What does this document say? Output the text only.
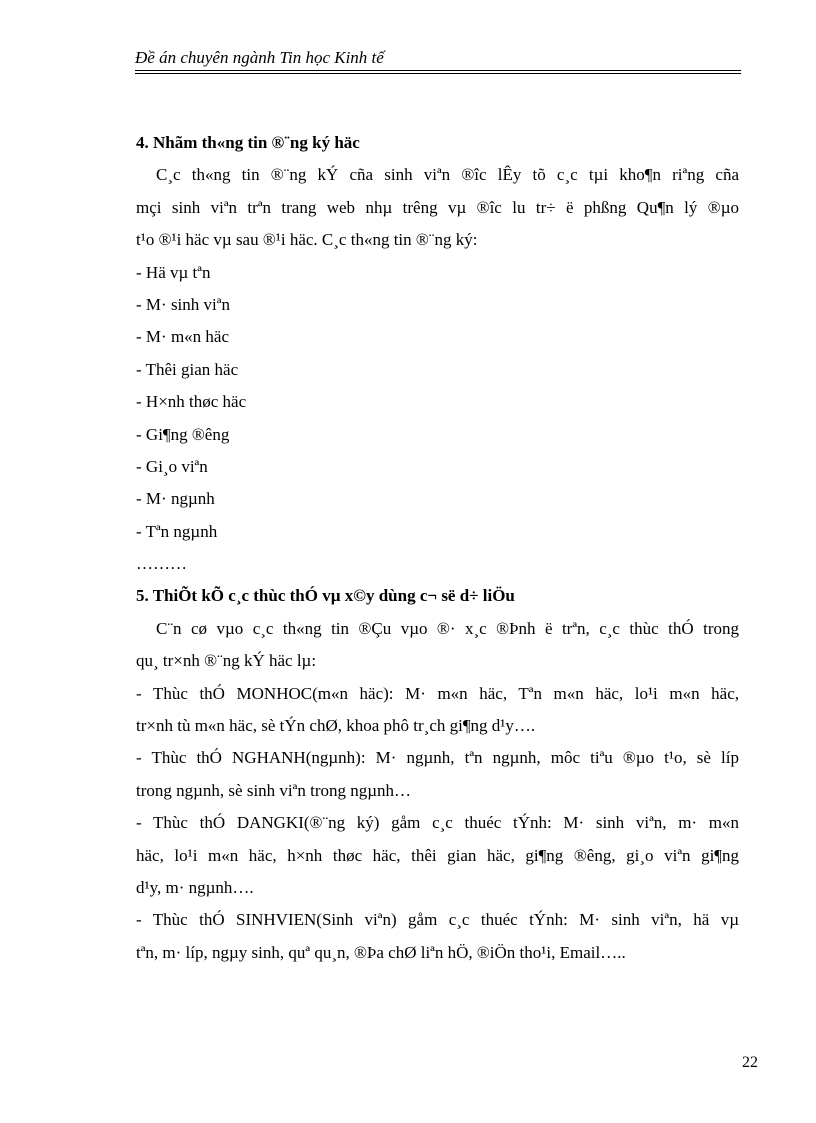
Đề án chuyên ngành Tin học Kinh tế
4. Nhãm th«ng tin ®¨ng ký häc
C¸c th«ng tin ®¨ng kÝ cña sinh viªn ®îc lÊy tõ c¸c tµi kho¶n riªng cña
mçi sinh viªn trªn trang web nhµ trêng vµ ®îc lu tr÷ ë phßng Qu¶n lý ®µo
t¹o ®¹i häc vµ sau ®¹i häc. C¸c th«ng tin ®¨ng ký:
- Hä vµ tªn
- M· sinh viªn
- M· m«n häc
- Thêi gian häc
- H×nh thøc häc
- Gi¶ng ®êng
- Gi¸o viªn
- M· ngµnh
- Tªn ngµnh
………
5. ThiÕt kÕ c¸c thùc thÓ vµ x©y dùng c¬ së d÷ liÖu
C¨n cø vµo c¸c th«ng tin ®Çu vµo ®· x¸c ®Þnh ë trªn, c¸c thùc thÓ trong
qu¸ tr×nh ®¨ng kÝ häc lµ:
- Thùc thÓ MONHOC(m«n häc): M· m«n häc, Tªn m«n häc, lo¹i m«n häc,
tr×nh tù m«n häc, sè tÝn chØ, khoa phô tr¸ch gi¶ng d¹y….
- Thùc thÓ NGHANH(ngµnh): M· ngµnh, tªn ngµnh, môc tiªu ®µo t¹o, sè líp
trong ngµnh, sè sinh viªn trong ngµnh…
- Thùc thÓ DANGKI(®¨ng ký) gåm c¸c thuéc tÝnh: M· sinh viªn, m· m«n
häc, lo¹i m«n häc, h×nh thøc häc, thêi gian häc, gi¶ng ®êng, gi¸o viªn gi¶ng
d¹y, m· ngµnh….
- Thùc thÓ SINHVIEN(Sinh viªn) gåm c¸c thuéc tÝnh: M· sinh viªn, hä vµ
tªn, m· líp, ngµy sinh, quª qu¸n, ®Þa chØ liªn hÖ, ®iÖn tho¹i, Email…..
22
